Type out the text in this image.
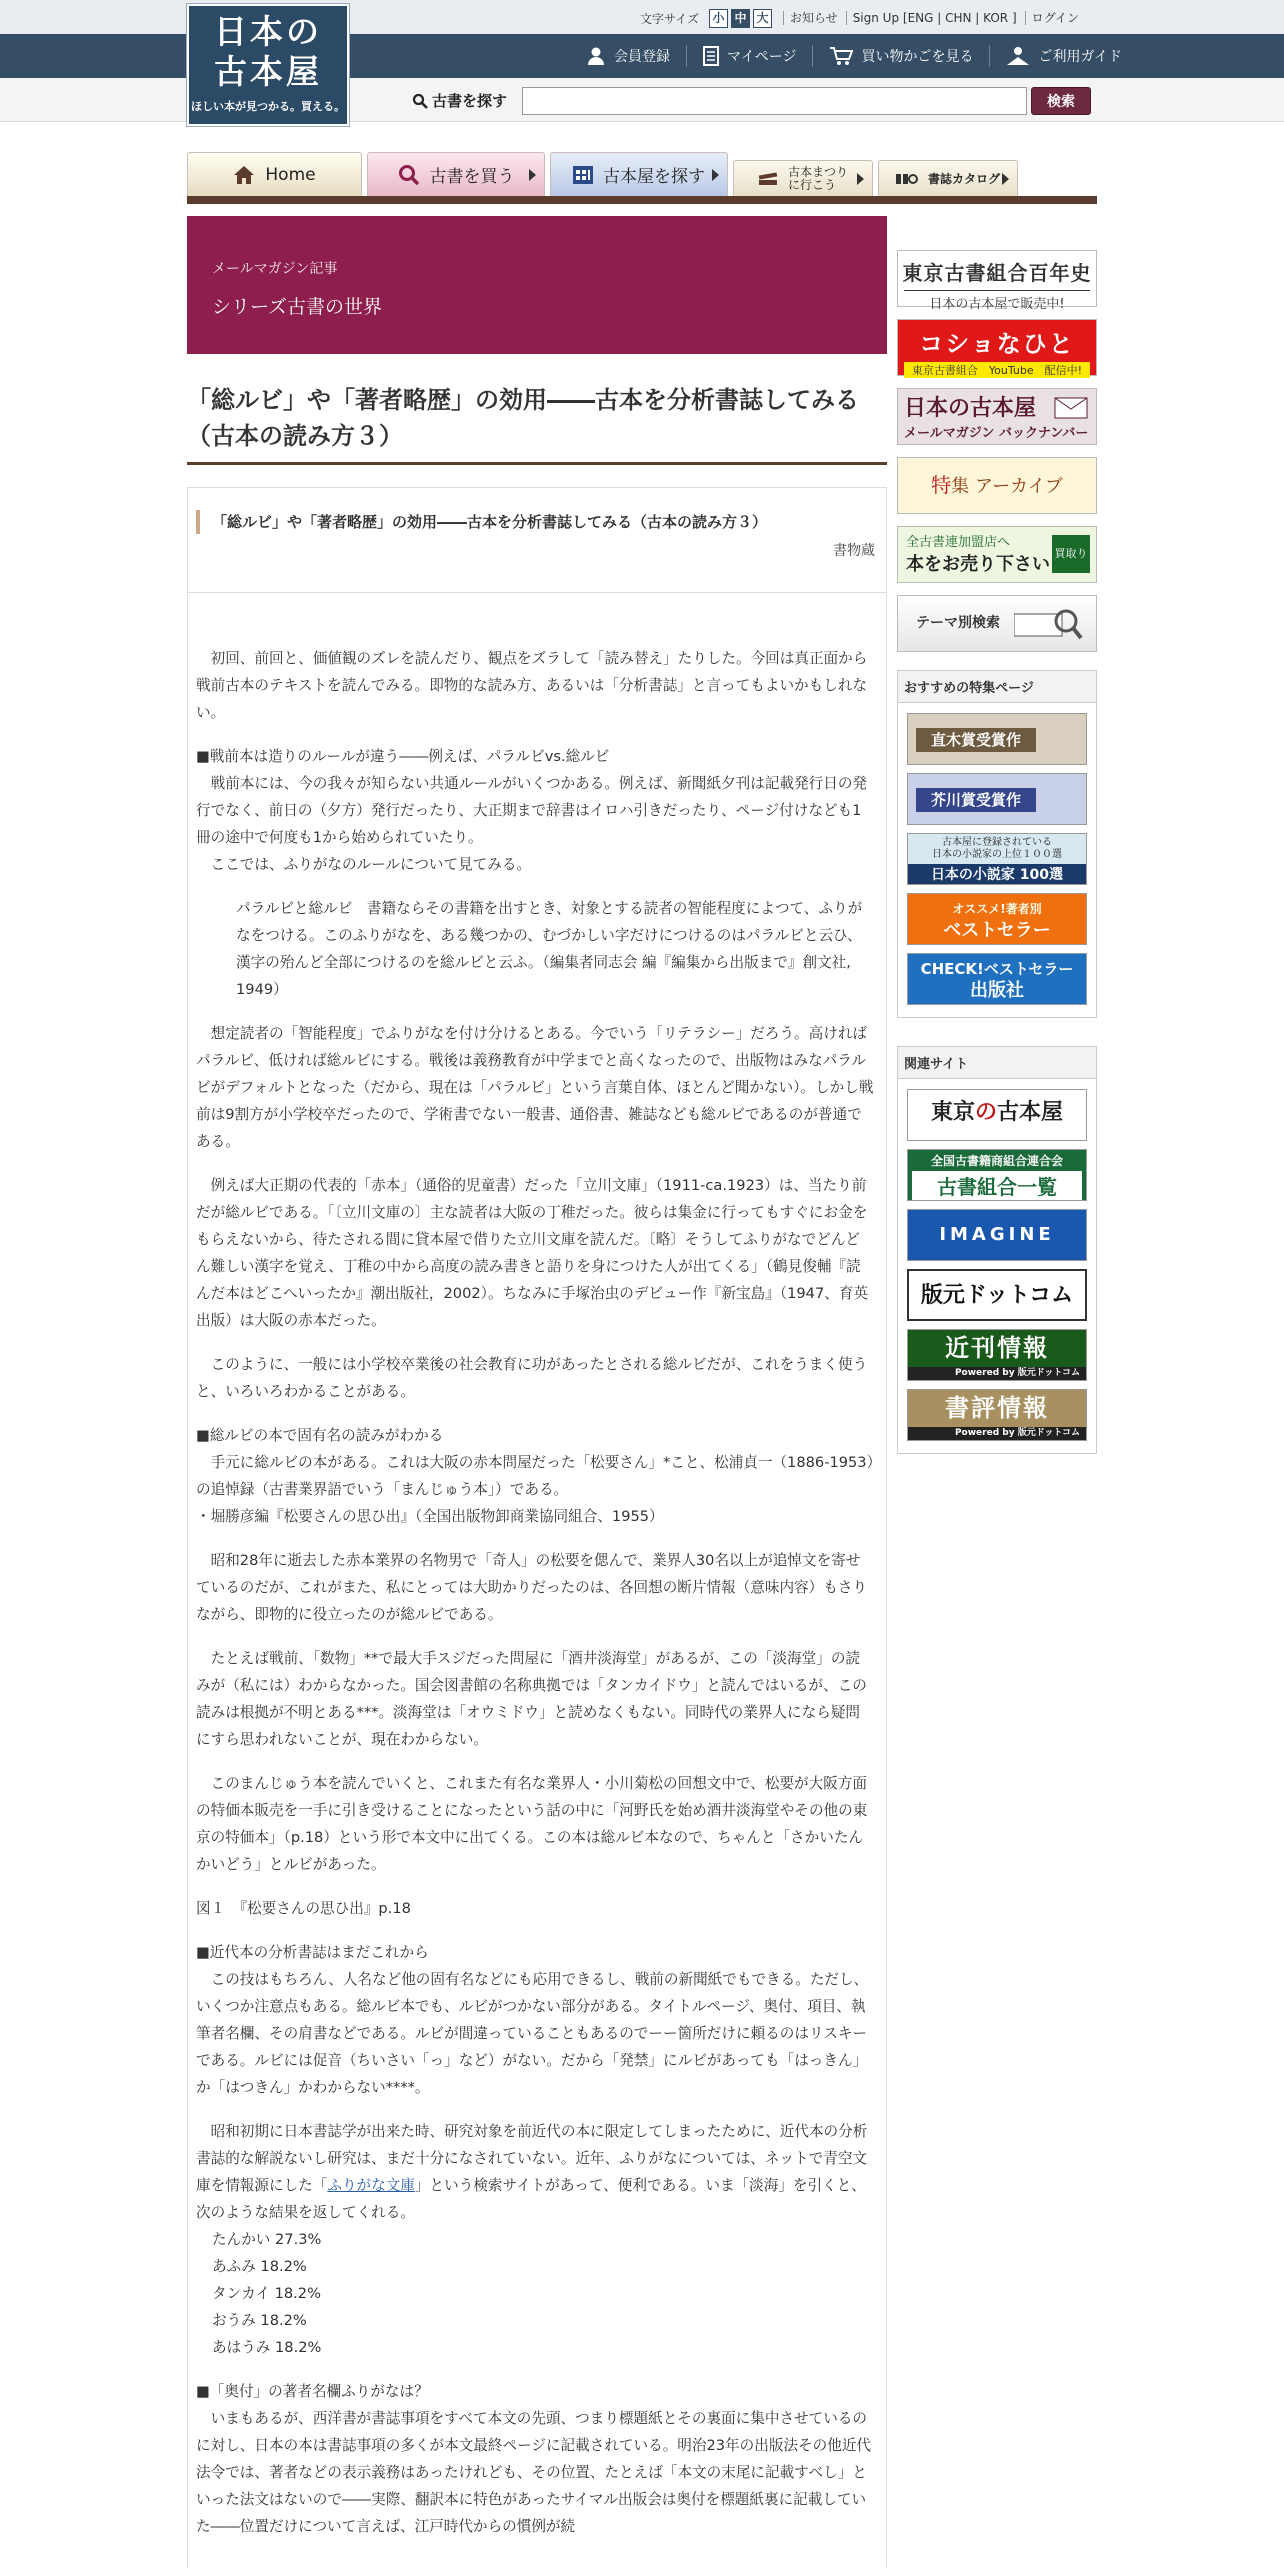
日本の
古本屋
ほしい本が見つかる。買える。
文字サイズ 小 中 大	お知らせ	Sign Up [ENG | CHN | KOR ]	ログイン
会員登録	マイページ	買い物かごを見る	ご利用ガイド
古書を探す	検索
Home	古書を買う	古本屋を探す	古本まつり
に行こう	書誌カタログ
メールマガジン記事
シリーズ古書の世界
「総ルビ」や「著者略歴」の効用――古本を分析書誌してみる（古本の読み方３）
「総ルビ」や「著者略歴」の効用――古本を分析書誌してみる（古本の読み方３）
書物蔵

初回、前回と、価値観のズレを読んだり、観点をズラして「読み替え」たりした。今回は真正面から戦前古本のテキストを読んでみる。即物的な読み方、あるいは「分析書誌」と言ってもよいかもしれない。

■戦前本は造りのルールが違う――例えば、パラルビvs.総ルビ
　戦前本には、今の我々が知らない共通ルールがいくつかある。例えば、新聞紙夕刊は記載発行日の発行でなく、前日の（夕方）発行だったり、大正期まで辞書はイロハ引きだったり、ページ付けなども1冊の途中で何度も1から始められていたり。
　ここでは、ふりがなのルールについて見てみる。

パラルビと総ルビ　書籍ならその書籍を出すとき、対象とする読者の智能程度によつて、ふりがなをつける。このふりがなを、ある幾つかの、むづかしい字だけにつけるのはパラルビと云ひ、漢字の殆んど全部につけるのを総ルビと云ふ。（編集者同志会 編『編集から出版まで』創文社, 1949）

想定読者の「智能程度」でふりがなを付け分けるとある。今でいう「リテラシー」だろう。高ければパラルビ、低ければ総ルビにする。戦後は義務教育が中学までと高くなったので、出版物はみなパラルビがデフォルトとなった（だから、現在は「パラルビ」という言葉自体、ほとんど聞かない）。しかし戦前は9割方が小学校卒だったので、学術書でない一般書、通俗書、雑誌なども総ルビであるのが普通である。

例えば大正期の代表的「赤本」（通俗的児童書）だった「立川文庫」（1911-ca.1923）は、当たり前だが総ルビである。「〔立川文庫の〕主な読者は大阪の丁稚だった。彼らは集金に行ってもすぐにお金をもらえないから、待たされる間に貸本屋で借りた立川文庫を読んだ。〔略〕そうしてふりがなでどんどん難しい漢字を覚え、丁稚の中から高度の読み書きと語りを身につけた人が出てくる」（鶴見俊輔『読んだ本はどこへいったか』潮出版社，2002）。ちなみに手塚治虫のデビュー作『新宝島』（1947、育英出版）は大阪の赤本だった。

このように、一般には小学校卒業後の社会教育に功があったとされる総ルビだが、これをうまく使うと、いろいろわかることがある。

■総ルビの本で固有名の読みがわかる
　手元に総ルビの本がある。これは大阪の赤本問屋だった「松要さん」*こと、松浦貞一（1886-1953）の追悼録（古書業界語でいう「まんじゅう本」）である。
・堀勝彦編『松要さんの思ひ出』（全国出版物卸商業協同組合、1955）

昭和28年に逝去した赤本業界の名物男で「奇人」の松要を偲んで、業界人30名以上が追悼文を寄せているのだが、これがまた、私にとっては大助かりだったのは、各回想の断片情報（意味内容）もさりながら、即物的に役立ったのが総ルビである。

たとえば戦前、「数物」**で最大手スジだった問屋に「酒井淡海堂」があるが、この「淡海堂」の読みが（私には）わからなかった。国会図書館の名称典拠では「タンカイドウ」と読んではいるが、この読みは根拠が不明とある***。淡海堂は「オウミドウ」と読めなくもない。同時代の業界人になら疑問にすら思われないことが、現在わからない。

このまんじゅう本を読んでいくと、これまた有名な業界人・小川菊松の回想文中で、松要が大阪方面の特価本販売を一手に引き受けることになったという話の中に「河野氏を始め酒井淡海堂やその他の東京の特価本」（p.18）という形で本文中に出てくる。この本は総ルビ本なので、ちゃんと「さかいたんかいどう」とルビがあった。

図１　『松要さんの思ひ出』p.18

■近代本の分析書誌はまだこれから
　この技はもちろん、人名など他の固有名などにも応用できるし、戦前の新聞紙でもできる。ただし、いくつか注意点もある。総ルビ本でも、ルビがつかない部分がある。タイトルページ、奥付、項目、執筆者名欄、その肩書などである。ルビが間違っていることもあるのでーー箇所だけに頼るのはリスキーである。ルビには促音（ちいさい「っ」など）がない。だから「発禁」にルビがあっても「はっきん」か「はつきん」かわからない****。

昭和初期に日本書誌学が出来た時、研究対象を前近代の本に限定してしまったために、近代本の分析書誌的な解説ないし研究は、まだ十分になされていない。近年、ふりがなについては、ネットで青空文庫を情報源にした「ふりがな文庫」という検索サイトがあって、便利である。いま「淡海」を引くと、次のような結果を返してくれる。

たんかい 27.3%
あふみ 18.2%
タンカイ 18.2%
おうみ 18.2%
あはうみ 18.2%

■「奥付」の著者名欄ふりがなは？
　いまもあるが、西洋書が書誌事項をすべて本文の先頭、つまり標題紙とその裏面に集中させているのに対し、日本の本は書誌事項の多くが本文最終ページに記載されている。明治23年の出版法その他近代法令では、著者などの表示義務はあったけれども、その位置、たとえば「本文の末尾に記載すべし」といった法文はないので――実際、翻訳本に特色があったサイマル出版会は奥付を標題紙裏に記載していた――位置だけについて言えば、江戸時代からの慣例が続

東京古書組合百年史
日本の古本屋で販売中!
コショなひと
東京古書組合　YouTube　配信中!
日本の古本屋
メールマガジン バックナンバー
特集 アーカイブ
全古書連加盟店へ
本をお売り下さい
買取り
テーマ別検索
おすすめの特集ページ
直木賞受賞作
芥川賞受賞作
古本屋に登録されている
日本の小説家の上位１００選
日本の小説家 100選
オススメ!著者別
ベストセラー
CHECK!ベストセラー
出版社
関連サイト
東京の古本屋
全国古書籍商組合連合会
古書組合一覧
IMAGINE
版元ドットコム
近刊情報
Powered by 版元ドットコム
書評情報
Powered by 版元ドットコム
